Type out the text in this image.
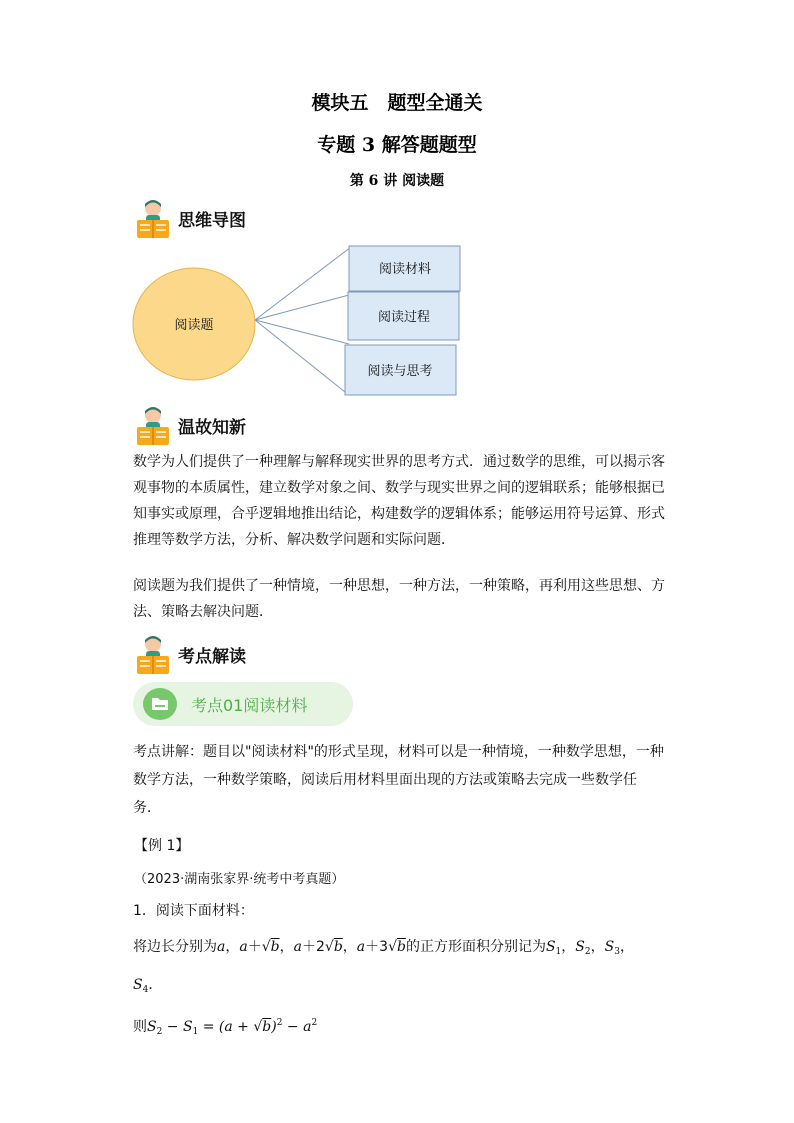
模块五　题型全通关
专题 3 解答题题型
第 6 讲 阅读题
思维导图
阅读题
阅读材料
阅读过程
阅读与思考
温故知新
数学为人们提供了一种理解与解释现实世界的思考方式．通过数学的思维，可以揭示客
观事物的本质属性，建立数学对象之间、数学与现实世界之间的逻辑联系；能够根据已
知事实或原理，合乎逻辑地推出结论，构建数学的逻辑体系；能够运用符号运算、形式
推理等数学方法，分析、解决数学问题和实际问题．
阅读题为我们提供了一种情境，一种思想，一种方法，一种策略，再利用这些思想、方
法、策略去解决问题．
考点解读
考点01阅读材料
考点讲解：题目以"阅读材料"的形式呈现，材料可以是一种情境，一种数学思想，一种
数学方法，一种数学策略，阅读后用材料里面出现的方法或策略去完成一些数学任
务．
【例 1】
（2023·湖南张家界·统考中考真题）
1．阅读下面材料：
将边长分别为a，a＋√b，a＋2√b，a＋3√b的正方形面积分别记为$S_1$，$S_2$，$S_3$，
$S_4$．
则$S_2 - S_1 = (a + √b)^2 - a^2$
